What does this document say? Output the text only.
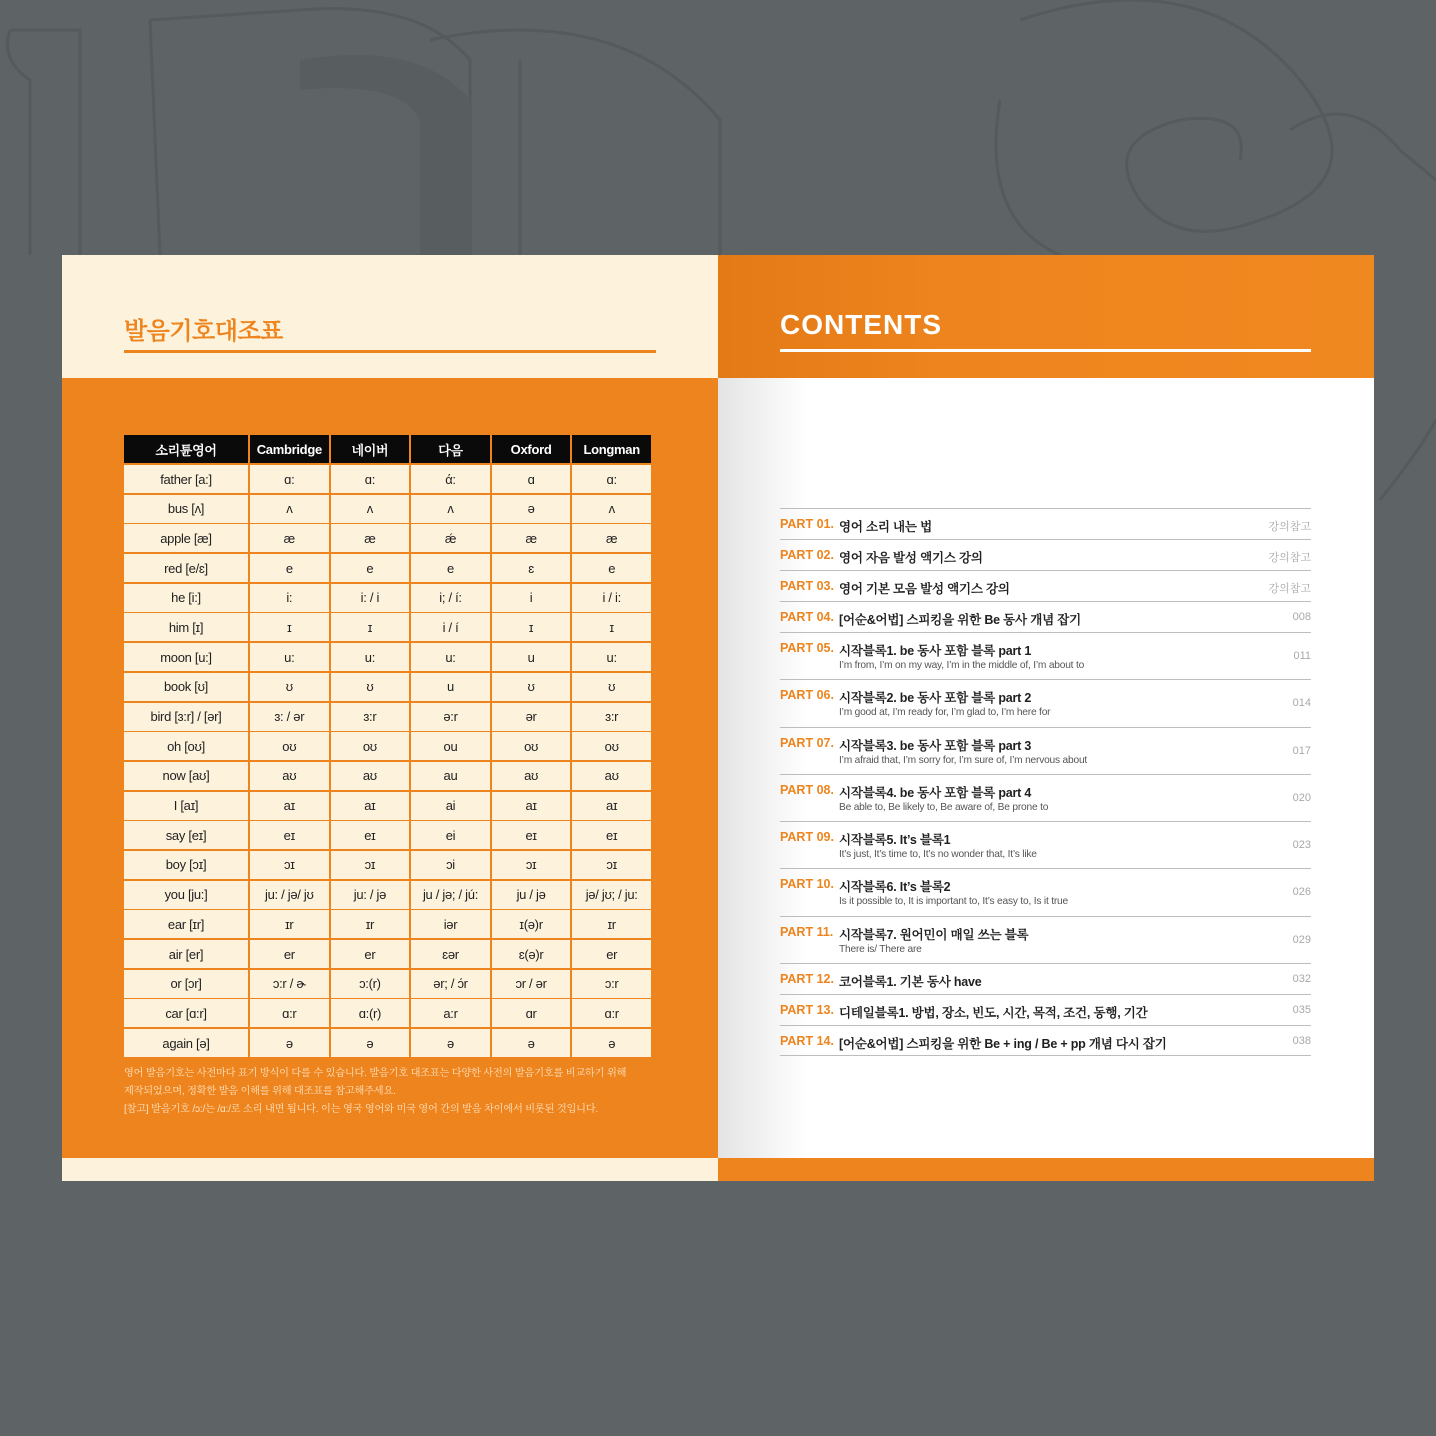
발음기호대조표
소리튠영어	Cambridge	네이버	다음	Oxford	Longman
father [a:]	ɑ:	ɑ:	ά:	ɑ	ɑ:
bus [ʌ]	ʌ	ʌ	ʌ	ə	ʌ
apple [æ]	æ	æ	ǽ	æ	æ
red [e/ɛ]	e	e	e	ɛ	e
he [i:]	i:	i: / i	i; / í:	i	i / i:
him [ɪ]	ɪ	ɪ	i / í	ɪ	ɪ
moon [u:]	u:	u:	u:	u	u:
book [ʊ]	ʊ	ʊ	u	ʊ	ʊ
bird [ɜ:r] / [ər]	ɜ: / ər	ɜ:r	ə:r	ər	ɜ:r
oh [oʊ]	oʊ	oʊ	ou	oʊ	oʊ
now [aʊ]	aʊ	aʊ	au	aʊ	aʊ
I [aɪ]	aɪ	aɪ	ai	aɪ	aɪ
say [eɪ]	eɪ	eɪ	ei	eɪ	eɪ
boy [ɔɪ]	ɔɪ	ɔɪ	ɔi	ɔɪ	ɔɪ
you [ju:]	ju: / jə/ jʊ	ju: / jə	ju / jə; / jú:	ju / jə	jə/ jʊ; / ju:
ear [ɪr]	ɪr	ɪr	iər	ɪ(ə)r	ɪr
air [er]	er	er	ɛər	ɛ(ə)r	er
or [ɔr]	ɔ:r / ɚ	ɔ:(r)	ər; / ɔ́r	ɔr / ər	ɔ:r
car [ɑ:r]	ɑ:r	ɑ:(r)	a:r	ɑr	ɑ:r
again [ə]	ə	ə	ə	ə	ə
영어 발음기호는 사전마다 표기 방식이 다를 수 있습니다. 발음기호 대조표는 다양한 사전의 발음기호를 비교하기 위해
제작되었으며, 정확한 발음 이해를 위해 대조표를 참고해주세요.
[참고] 발음기호 /ɔ:/는 /ɑ:/로 소리 내면 됩니다. 이는 영국 영어와 미국 영어 간의 발음 차이에서 비롯된 것입니다.
CONTENTS
PART 01. 영어 소리 내는 법	강의참고
PART 02. 영어 자음 발성 액기스 강의	강의참고
PART 03. 영어 기본 모음 발성 액기스 강의	강의참고
PART 04. [어순&어법] 스피킹을 위한 Be 동사 개념 잡기	008
PART 05. 시작블록1. be 동사 포함 블록 part 1
I’m from, I’m on my way, I’m in the middle of, I’m about to
011
PART 06. 시작블록2. be 동사 포함 블록 part 2
I’m good at, I’m ready for, I’m glad to, I’m here for
014
PART 07. 시작블록3. be 동사 포함 블록 part 3
I’m afraid that, I’m sorry for, I’m sure of, I’m nervous about
017
PART 08. 시작블록4. be 동사 포함 블록 part 4
Be able to, Be likely to, Be aware of, Be prone to
020
PART 09. 시작블록5. It’s 블록1
It’s just, It’s time to, It’s no wonder that, It’s like
023
PART 10. 시작블록6. It’s 블록2
Is it possible to, It is important to, It’s easy to, Is it true
026
PART 11. 시작블록7. 원어민이 매일 쓰는 블록
There is/ There are
029
PART 12. 코어블록1. 기본 동사 have	032
PART 13. 디테일블록1. 방법, 장소, 빈도, 시간, 목적, 조건, 동행, 기간	035
PART 14. [어순&어법] 스피킹을 위한 Be + ing / Be + pp 개념 다시 잡기	038
